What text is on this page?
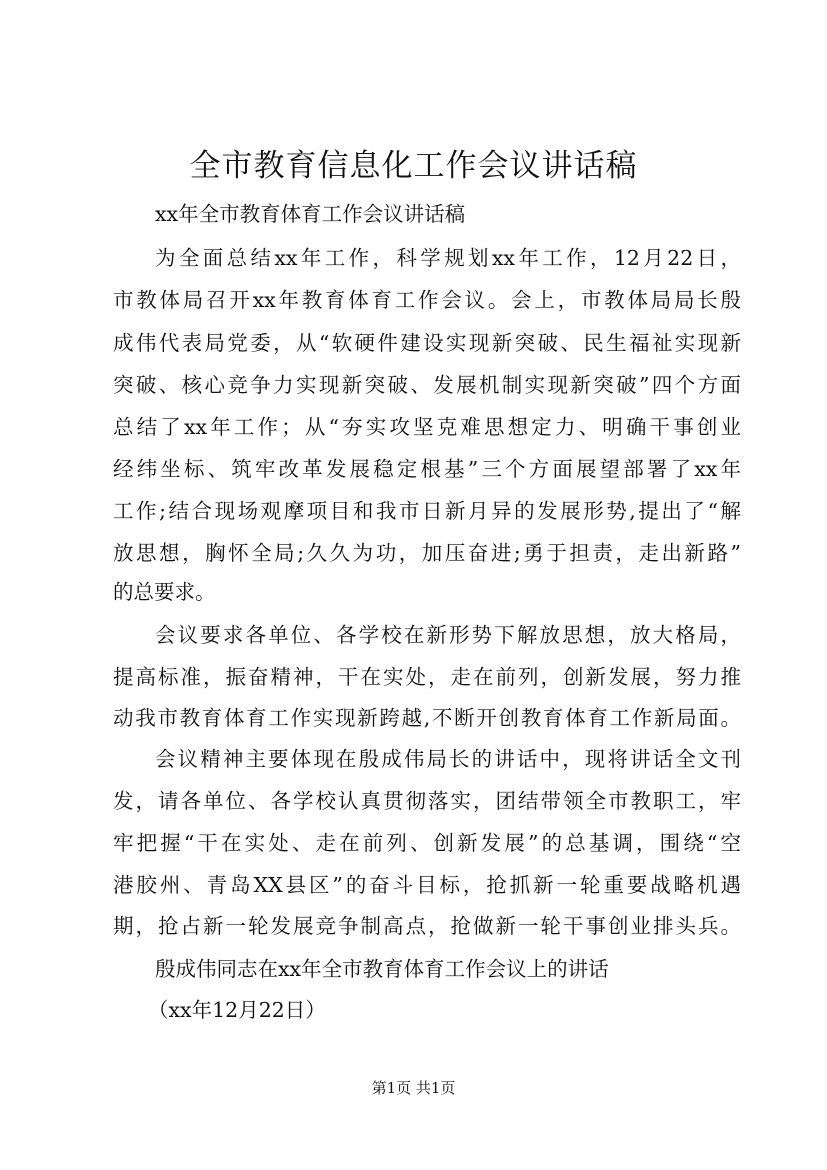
全市教育信息化工作会议讲话稿

xx年全市教育体育工作会议讲话稿

为全面总结xx年工作，科学规划xx年工作，12月22日，

市教体局召开xx年教育体育工作会议。会上，市教体局局长殷

成伟代表局党委，从“软硬件建设实现新突破、民生福祉实现新

突破、核心竞争力实现新突破、发展机制实现新突破”四个方面

总结了xx年工作；从“夯实攻坚克难思想定力、明确干事创业

经纬坐标、筑牢改革发展稳定根基”三个方面展望部署了xx年

工作;结合现场观摩项目和我市日新月异的发展形势,提出了“解

放思想，胸怀全局;久久为功，加压奋进;勇于担责，走出新路”

的总要求。

会议要求各单位、各学校在新形势下解放思想，放大格局，

提高标准，振奋精神，干在实处，走在前列，创新发展，努力推

动我市教育体育工作实现新跨越,不断开创教育体育工作新局面。

会议精神主要体现在殷成伟局长的讲话中，现将讲话全文刊

发，请各单位、各学校认真贯彻落实，团结带领全市教职工，牢

牢把握“干在实处、走在前列、创新发展”的总基调，围绕“空

港胶州、青岛XX县区”的奋斗目标，抢抓新一轮重要战略机遇

期，抢占新一轮发展竞争制高点，抢做新一轮干事创业排头兵。

殷成伟同志在xx年全市教育体育工作会议上的讲话

（xx年12月22日）

第1页 共1页
